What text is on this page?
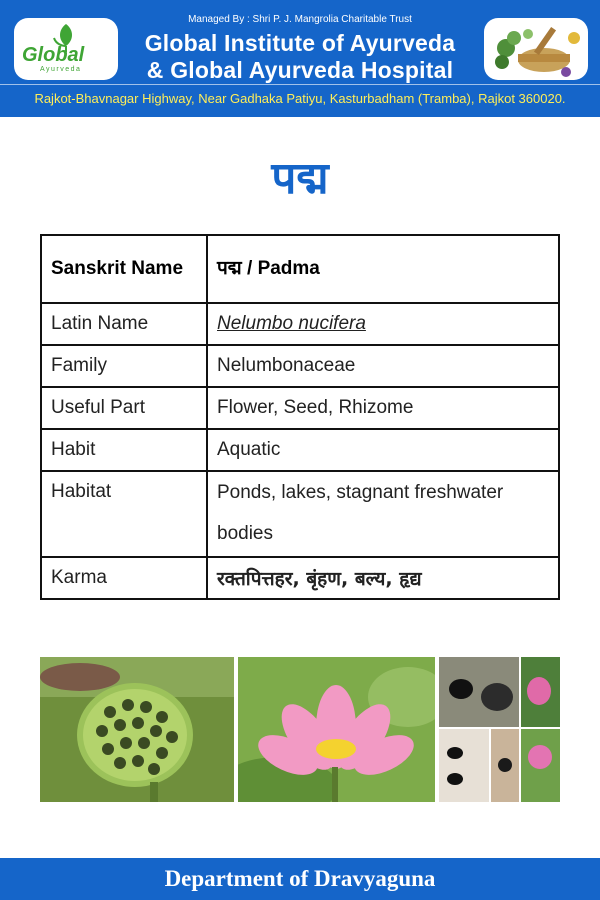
Global
Ayurveda
Managed By : Shri P. J. Mangrolia Charitable Trust
Global Institute of Ayurveda
& Global Ayurveda Hospital
Rajkot-Bhavnagar Highway, Near Gadhaka Patiyu, Kasturbadham (Tramba), Rajkot 360020.
पद्म
Sanskrit Name	पद्म / Padma
Latin Name	Nelumbo nucifera
Family	Nelumbonaceae
Useful Part	Flower, Seed, Rhizome
Habit	Aquatic
Habitat	Ponds, lakes, stagnant freshwater bodies
Karma	रक्तपित्तहर, बृंहण, बल्य, हृद्य
Department of Dravyaguna
